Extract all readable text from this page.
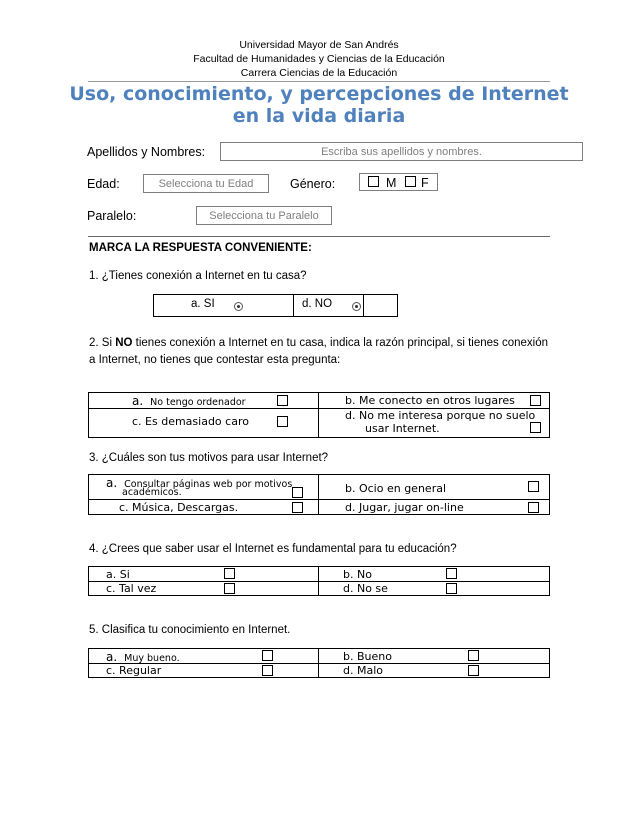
Universidad Mayor de San Andrés
Facultad de Humanidades y Ciencias de la Educación
Carrera Ciencias de la Educación
Uso, conocimiento, y percepciones de Internet
en la vida diaria
Apellidos y Nombres:	Escriba sus apellidos y nombres.
Edad:	Selecciona tu Edad	Género:	M F
Paralelo:	Selecciona tu Paralelo
MARCA LA RESPUESTA CONVENIENTE:
1. ¿Tienes conexión a Internet en tu casa?
a. SI	d. NO
2. Si NO tienes conexión a Internet en tu casa, indica la razón principal, si tienes conexión
a Internet, no tienes que contestar esta pregunta:
a. No tengo ordenador	b. Me conecto en otros lugares
c. Es demasiado caro	d. No me interesa porque no suelo
usar Internet.
3. ¿Cuáles son tus motivos para usar Internet?
a. Consultar páginas web por motivos
académicos.	b. Ocio en general
c. Música, Descargas.	d. Jugar, jugar on-line
4. ¿Crees que saber usar el Internet es fundamental para tu educación?
a. Si	b. No
c. Tal vez	d. No se
5. Clasifica tu conocimiento en Internet.
a. Muy bueno.	b. Bueno
c. Regular	d. Malo
